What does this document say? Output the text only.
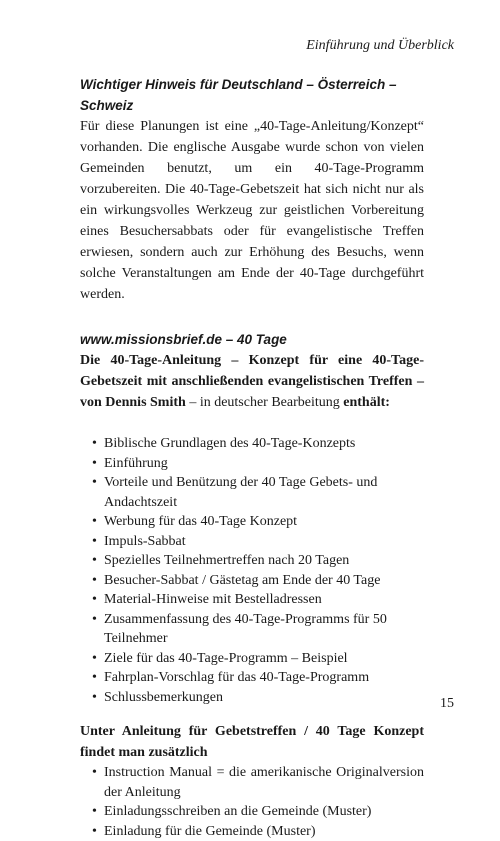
Einführung und Überblick
Wichtiger Hinweis für Deutschland – Österreich – Schweiz

Für diese Planungen ist eine „40-Tage-Anleitung/Konzept“ vorhanden. Die englische Ausgabe wurde schon von vielen Gemeinden benutzt, um ein 40-Tage-Programm vorzubereiten. Die 40-Tage-Gebetszeit hat sich nicht nur als ein wirkungsvolles Werkzeug zur geistlichen Vorbereitung eines Besuchersabbats oder für evangelistische Treffen erwiesen, sondern auch zur Erhöhung des Besuchs, wenn solche Veranstaltungen am Ende der 40-Tage durchgeführt werden.

www.missionsbrief.de – 40 Tage

Die 40-Tage-Anleitung – Konzept für eine 40-Tage-Gebetszeit mit anschließenden evangelistischen Treffen – von Dennis Smith – in deutscher Bearbeitung enthält:

• Biblische Grundlagen des 40-Tage-Konzepts
• Einführung
• Vorteile und Benützung der 40 Tage Gebets- und Andachtszeit
• Werbung für das 40-Tage Konzept
• Impuls-Sabbat
• Spezielles Teilnehmertreffen nach 20 Tagen
• Besucher-Sabbat / Gästetag am Ende der 40 Tage
• Material-Hinweise mit Bestelladressen
• Zusammenfassung des 40-Tage-Programms für 50 Teilnehmer
• Ziele für das 40-Tage-Programm – Beispiel
• Fahrplan-Vorschlag für das 40-Tage-Programm
• Schlussbemerkungen

Unter Anleitung für Gebetstreffen / 40 Tage Konzept findet man zusätzlich

• Instruction Manual = die amerikanische Originalversion der Anleitung
• Einladungsschreiben an die Gemeinde (Muster)
• Einladung für die Gemeinde (Muster)
15
